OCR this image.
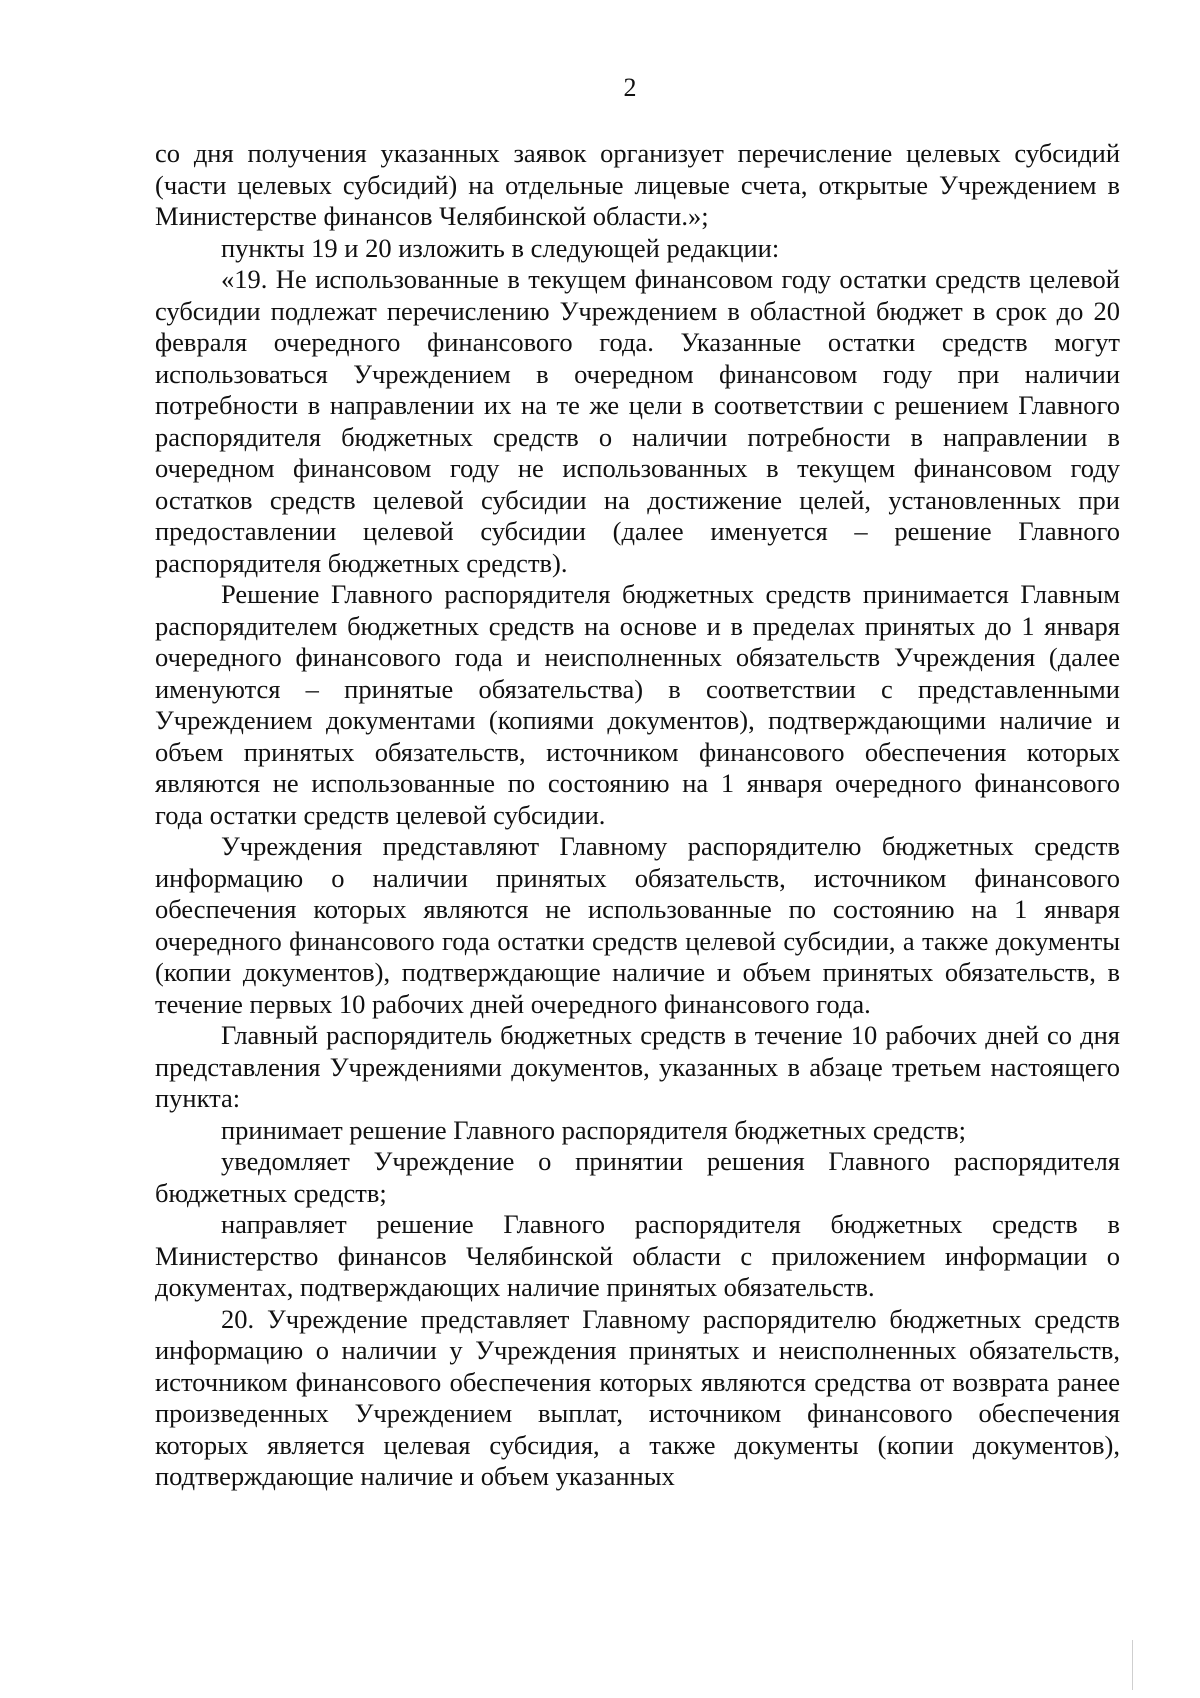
2

со дня получения указанных заявок организует перечисление целевых субсидий (части целевых субсидий) на отдельные лицевые счета, открытые Учреждением в Министерстве финансов Челябинской области.»;

пункты 19 и 20 изложить в следующей редакции:

«19. Не использованные в текущем финансовом году остатки средств целевой субсидии подлежат перечислению Учреждением в областной бюджет в срок до 20 февраля очередного финансового года. Указанные остатки средств могут использоваться Учреждением в очередном финансовом году при наличии потребности в направлении их на те же цели в соответствии с решением Главного распорядителя бюджетных средств о наличии потребности в направлении в очередном финансовом году не использованных в текущем финансовом году остатков средств целевой субсидии на достижение целей, установленных при предоставлении целевой субсидии (далее именуется – решение Главного распорядителя бюджетных средств).

Решение Главного распорядителя бюджетных средств принимается Главным распорядителем бюджетных средств на основе и в пределах принятых до 1 января очередного финансового года и неисполненных обязательств Учреждения (далее именуются – принятые обязательства) в соответствии с представленными Учреждением документами (копиями документов), подтверждающими наличие и объем принятых обязательств, источником финансового обеспечения которых являются не использованные по состоянию на 1 января очередного финансового года остатки средств целевой субсидии.

Учреждения представляют Главному распорядителю бюджетных средств информацию о наличии принятых обязательств, источником финансового обеспечения которых являются не использованные по состоянию на 1 января очередного финансового года остатки средств целевой субсидии, а также документы (копии документов), подтверждающие наличие и объем принятых обязательств, в течение первых 10 рабочих дней очередного финансового года.

Главный распорядитель бюджетных средств в течение 10 рабочих дней со дня представления Учреждениями документов, указанных в абзаце третьем настоящего пункта:

принимает решение Главного распорядителя бюджетных средств;

уведомляет Учреждение о принятии решения Главного распорядителя бюджетных средств;

направляет решение Главного распорядителя бюджетных средств в Министерство финансов Челябинской области с приложением информации о документах, подтверждающих наличие принятых обязательств.

20. Учреждение представляет Главному распорядителю бюджетных средств информацию о наличии у Учреждения принятых и неисполненных обязательств, источником финансового обеспечения которых являются средства от возврата ранее произведенных Учреждением выплат, источником финансового обеспечения которых является целевая субсидия, а также документы (копии документов), подтверждающие наличие и объем указанных
